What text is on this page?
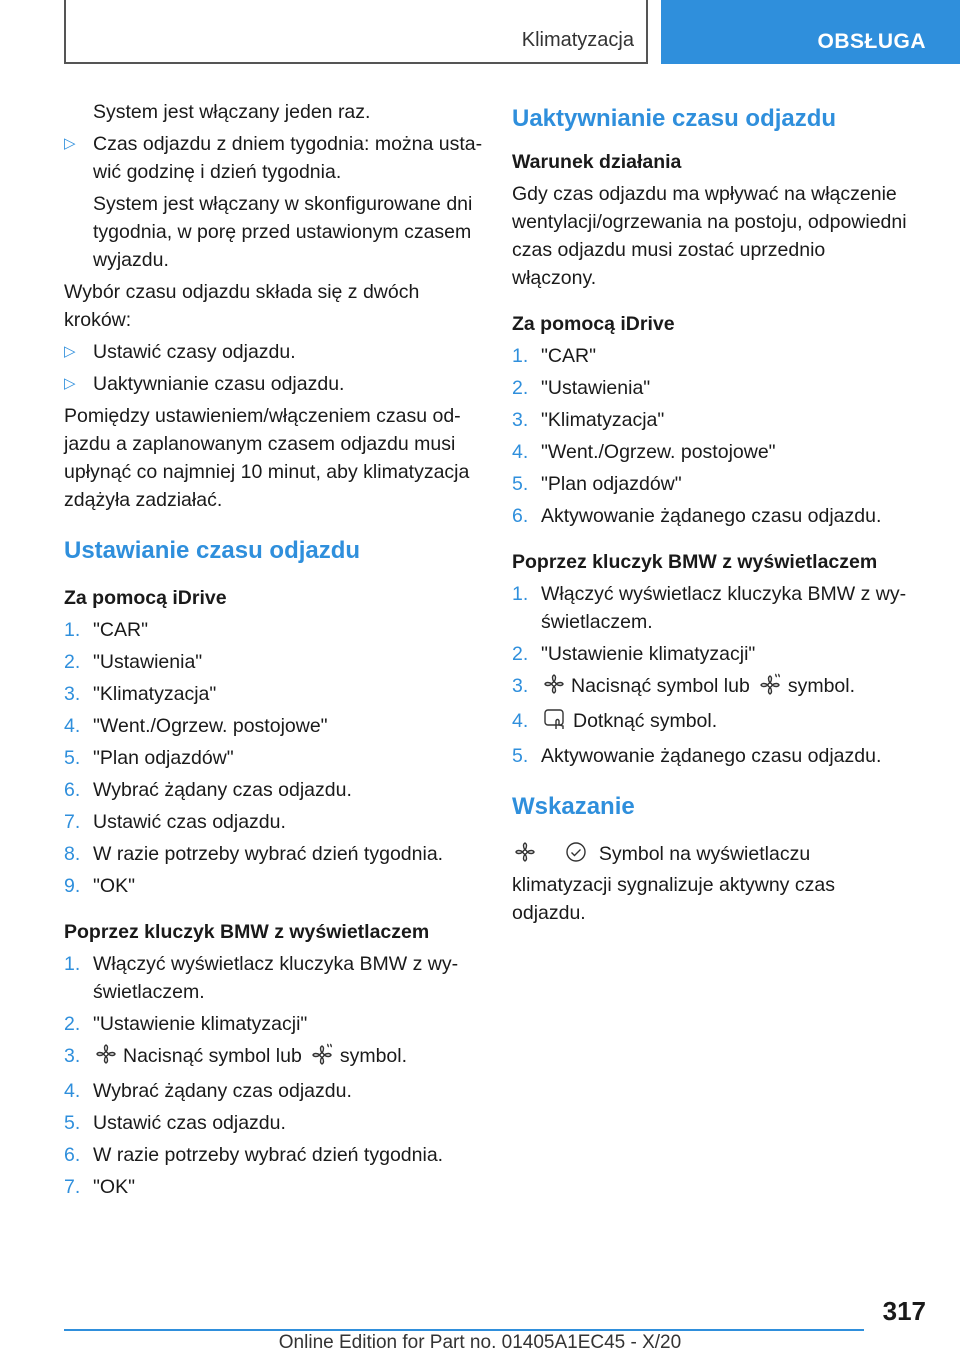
Klimatyzacja	OBSŁUGA
System jest włączany jeden raz.
▷ Czas odjazdu z dniem tygodnia: można usta‐ wić godzinę i dzień tygodnia.
System jest włączany w skonfigurowane dni tygodnia, w porę przed ustawionym czasem wyjazdu.
Wybór czasu odjazdu składa się z dwóch kroków:
▷ Ustawić czasy odjazdu.
▷ Uaktywnianie czasu odjazdu.
Pomiędzy ustawieniem/włączeniem czasu od‐ jazdu a zaplanowanym czasem odjazdu musi upłynąć co najmniej 10 minut, aby klimatyzacja zdążyła zadziałać.
Ustawianie czasu odjazdu
Za pomocą iDrive
1. "CAR"
2. "Ustawienia"
3. "Klimatyzacja"
4. "Went./Ogrzew. postojowe"
5. "Plan odjazdów"
6. Wybrać żądany czas odjazdu.
7. Ustawić czas odjazdu.
8. W razie potrzeby wybrać dzień tygodnia.
9. "OK"
Poprzez kluczyk BMW z wyświetlaczem
1. Włączyć wyświetlacz kluczyka BMW z wy‐ świetlaczem.
2. "Ustawienie klimatyzacji"
3.	Nacisnąć symbol lub symbol.
4. Wybrać żądany czas odjazdu.
5. Ustawić czas odjazdu.
6. W razie potrzeby wybrać dzień tygodnia.
7. "OK"
Uaktywnianie czasu odjazdu
Warunek działania
Gdy czas odjazdu ma wpływać na włączenie wentylacji/ogrzewania na postoju, odpowiedni czas odjazdu musi zostać uprzednio włączony.
Za pomocą iDrive
1. "CAR"
2. "Ustawienia"
3. "Klimatyzacja"
4. "Went./Ogrzew. postojowe"
5. "Plan odjazdów"
6. Aktywowanie żądanego czasu odjazdu.
Poprzez kluczyk BMW z wyświetlaczem
1. Włączyć wyświetlacz kluczyka BMW z wy‐ świetlaczem.
2. "Ustawienie klimatyzacji"
3.	Nacisnąć symbol lub symbol.
4.	Dotknąć symbol.
5. Aktywowanie żądanego czasu odjazdu.
Wskazanie
Symbol na wyświetlaczu klimatyzacji sygnalizuje aktywny czas odjazdu.
317
Online Edition for Part no. 01405A1EC45 - X/20
